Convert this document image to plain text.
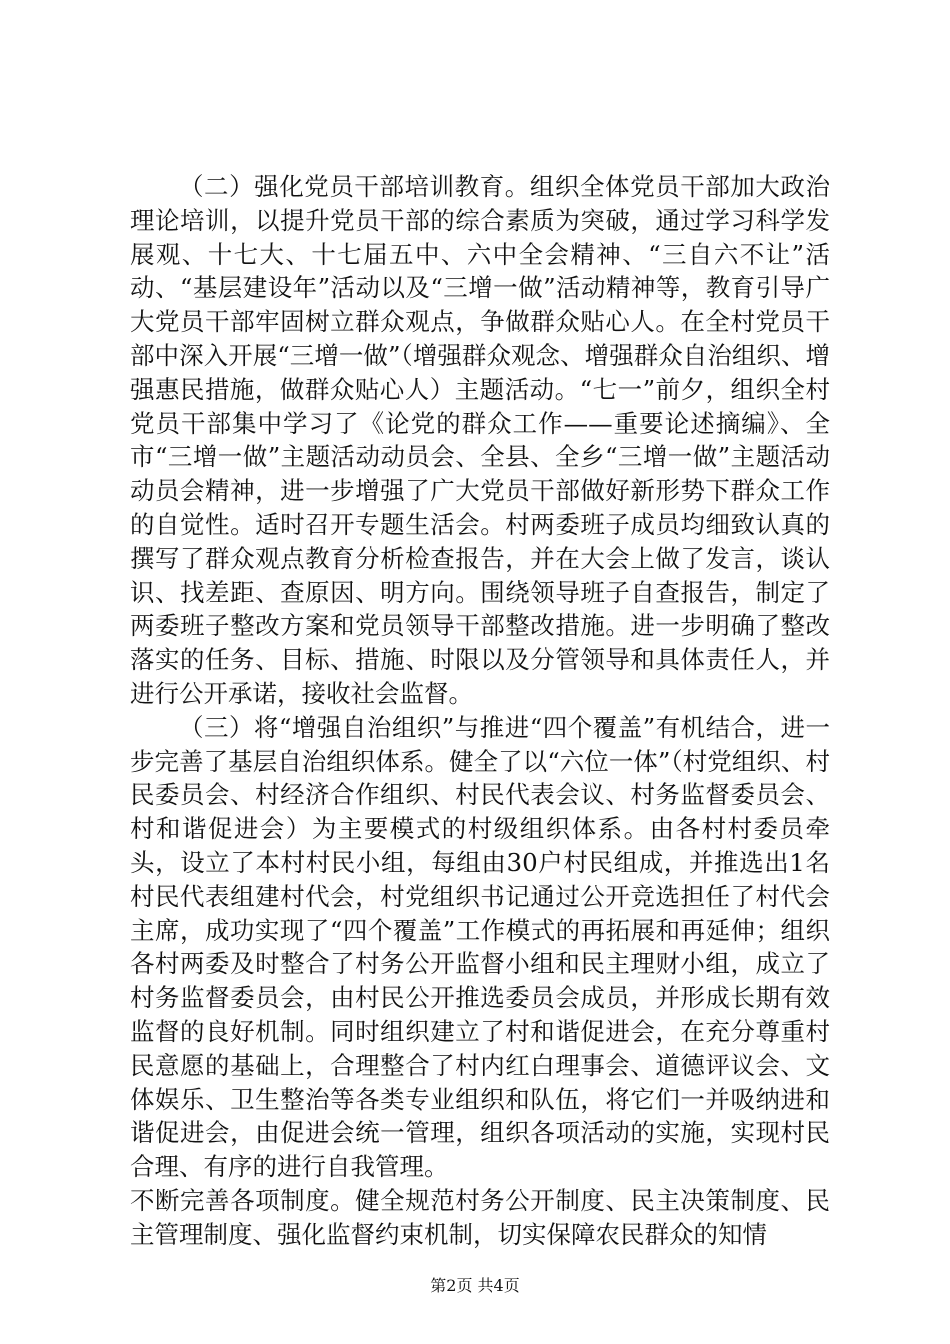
（二）强化党员干部培训教育。组织全体党员干部加大政治理论培训，以提升党员干部的综合素质为突破，通过学习科学发展观、十七大、十七届五中、六中全会精神、“三自六不让”活动、“基层建设年”活动以及“三增一做”活动精神等，教育引导广大党员干部牢固树立群众观点，争做群众贴心人。在全村党员干部中深入开展“三增一做”（增强群众观念、增强群众自治组织、增强惠民措施，做群众贴心人）主题活动。“七一”前夕，组织全村党员干部集中学习了《论党的群众工作——重要论述摘编》、全市“三增一做”主题活动动员会、全县、全乡“三增一做”主题活动动员会精神，进一步增强了广大党员干部做好新形势下群众工作的自觉性。适时召开专题生活会。村两委班子成员均细致认真的撰写了群众观点教育分析检查报告，并在大会上做了发言，谈认识、找差距、查原因、明方向。围绕领导班子自查报告，制定了两委班子整改方案和党员领导干部整改措施。进一步明确了整改落实的任务、目标、措施、时限以及分管领导和具体责任人，并进行公开承诺，接收社会监督。

（三）将“增强自治组织”与推进“四个覆盖”有机结合，进一步完善了基层自治组织体系。健全了以“六位一体”（村党组织、村民委员会、村经济合作组织、村民代表会议、村务监督委员会、村和谐促进会）为主要模式的村级组织体系。由各村村委员牵头，设立了本村村民小组，每组由30户村民组成，并推选出1名村民代表组建村代会，村党组织书记通过公开竞选担任了村代会主席，成功实现了“四个覆盖”工作模式的再拓展和再延伸；组织各村两委及时整合了村务公开监督小组和民主理财小组，成立了村务监督委员会，由村民公开推选委员会成员，并形成长期有效监督的良好机制。同时组织建立了村和谐促进会，在充分尊重村民意愿的基础上，合理整合了村内红白理事会、道德评议会、文体娱乐、卫生整治等各类专业组织和队伍，将它们一并吸纳进和谐促进会，由促进会统一管理，组织各项活动的实施，实现村民合理、有序的进行自我管理。

不断完善各项制度。健全规范村务公开制度、民主决策制度、民主管理制度、强化监督约束机制，切实保障农民群众的知情

第2页 共4页
